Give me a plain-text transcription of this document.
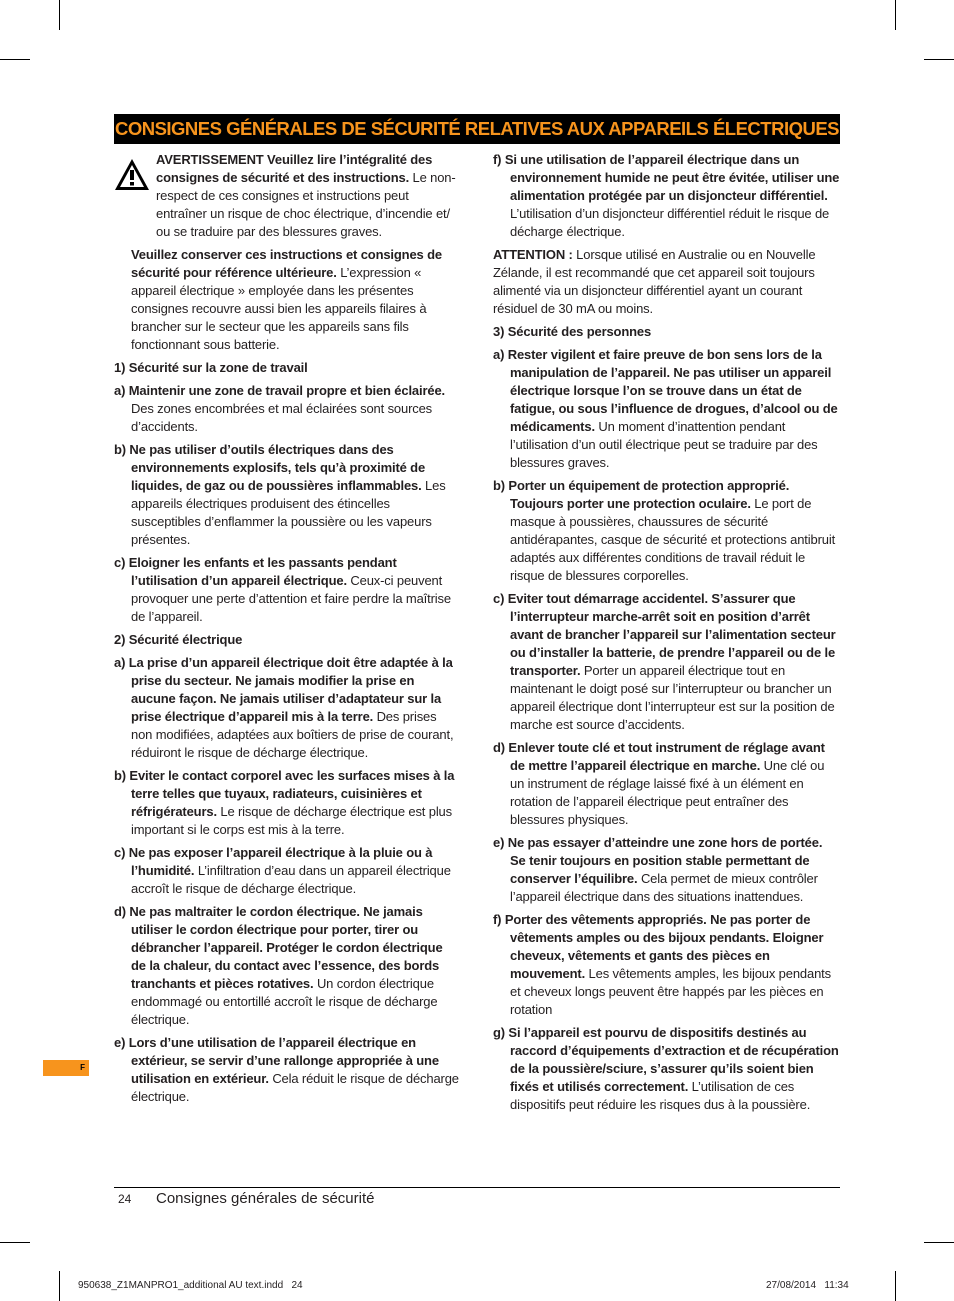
CONSIGNES GÉNÉRALES DE SÉCURITÉ RELATIVES AUX APPAREILS ÉLECTRIQUES

AVERTISSEMENT Veuillez lire l’intégralité des consignes de sécurité et des instructions. Le non-respect de ces consignes et instructions peut entraîner un risque de choc électrique, d’incendie et/ ou se traduire par des blessures graves.

Veuillez conserver ces instructions et consignes de sécurité pour référence ultérieure. L’expression « appareil électrique » employée dans les présentes consignes recouvre aussi bien les appareils filaires à brancher sur le secteur que les appareils sans fils fonctionnant sous batterie.

1) Sécurité sur la zone de travail

a) Maintenir une zone de travail propre et bien éclairée. Des zones encombrées et mal éclairées sont sources d’accidents.

b) Ne pas utiliser d’outils électriques dans des environnements explosifs, tels qu’à proximité de liquides, de gaz ou de poussières inflammables. Les appareils électriques produisent des étincelles susceptibles d’enflammer la poussière ou les vapeurs présentes.

c) Eloigner les enfants et les passants pendant l’utilisation d’un appareil électrique. Ceux-ci peuvent provoquer une perte d’attention et faire perdre la maîtrise de l’appareil.

2) Sécurité électrique

a) La prise d’un appareil électrique doit être adaptée à la prise du secteur. Ne jamais modifier la prise en aucune façon. Ne jamais utiliser d’adaptateur sur la prise électrique d’appareil mis à la terre. Des prises non modifiées, adaptées aux boîtiers de prise de courant, réduiront le risque de décharge électrique.

b) Eviter le contact corporel avec les surfaces mises à la terre telles que tuyaux, radiateurs, cuisinières et réfrigérateurs. Le risque de décharge électrique est plus important si le corps est mis à la terre.

c) Ne pas exposer l’appareil électrique à la pluie ou à l’humidité. L’infiltration d’eau dans un appareil électrique accroît le risque de décharge électrique.

d) Ne pas maltraiter le cordon électrique. Ne jamais utiliser le cordon électrique pour porter, tirer ou débrancher l’appareil. Protéger le cordon électrique de la chaleur, du contact avec l’essence, des bords tranchants et pièces rotatives. Un cordon électrique endommagé ou entortillé accroît le risque de décharge électrique.

e) Lors d’une utilisation de l’appareil électrique en extérieur, se servir d’une rallonge appropriée à une utilisation en extérieur. Cela réduit le risque de décharge électrique.

f) Si une utilisation de l’appareil électrique dans un environnement humide ne peut être évitée, utiliser une alimentation protégée par un disjoncteur différentiel. L’utilisation d’un disjoncteur différentiel réduit le risque de décharge électrique.

ATTENTION : Lorsque utilisé en Australie ou en Nouvelle Zélande, il est recommandé que cet appareil soit toujours alimenté via un disjoncteur différentiel ayant un courant résiduel de 30 mA ou moins.

3) Sécurité des personnes

a) Rester vigilent et faire preuve de bon sens lors de la manipulation de l’appareil. Ne pas utiliser un appareil électrique lorsque l’on se trouve dans un état de fatigue, ou sous l’influence de drogues, d’alcool ou de médicaments. Un moment d’inattention pendant l’utilisation d’un outil électrique peut se traduire par des blessures graves.

b) Porter un équipement de protection approprié. Toujours porter une protection oculaire. Le port de masque à poussières, chaussures de sécurité antidérapantes, casque de sécurité et protections antibruit adaptés aux différentes conditions de travail réduit le risque de blessures corporelles.

c) Eviter tout démarrage accidentel. S’assurer que l’interrupteur marche-arrêt soit en position d’arrêt avant de brancher l’appareil sur l’alimentation secteur ou d’installer la batterie, de prendre l’appareil ou de le transporter. Porter un appareil électrique tout en maintenant le doigt posé sur l’interrupteur ou brancher un appareil électrique dont l’interrupteur est sur la position de marche est source d’accidents.

d) Enlever toute clé et tout instrument de réglage avant de mettre l’appareil électrique en marche. Une clé ou un instrument de réglage laissé fixé à un élément en rotation de l’appareil électrique peut entraîner des blessures physiques.

e) Ne pas essayer d’atteindre une zone hors de portée. Se tenir toujours en position stable permettant de conserver l’équilibre. Cela permet de mieux contrôler l’appareil électrique dans des situations inattendues.

f) Porter des vêtements appropriés. Ne pas porter de vêtements amples ou des bijoux pendants. Eloigner cheveux, vêtements et gants des pièces en mouvement. Les vêtements amples, les bijoux pendants et cheveux longs peuvent être happés par les pièces en rotation

g) Si l’appareil est pourvu de dispositifs destinés au raccord d’équipements d’extraction et de récupération de la poussière/sciure, s’assurer qu’ils soient bien fixés et utilisés correctement. L’utilisation de ces dispositifs peut réduire les risques dus à la poussière.

F
24 Consignes générales de sécurité
950638_Z1MANPRO1_additional AU text.indd   24	27/08/2014   11:34
